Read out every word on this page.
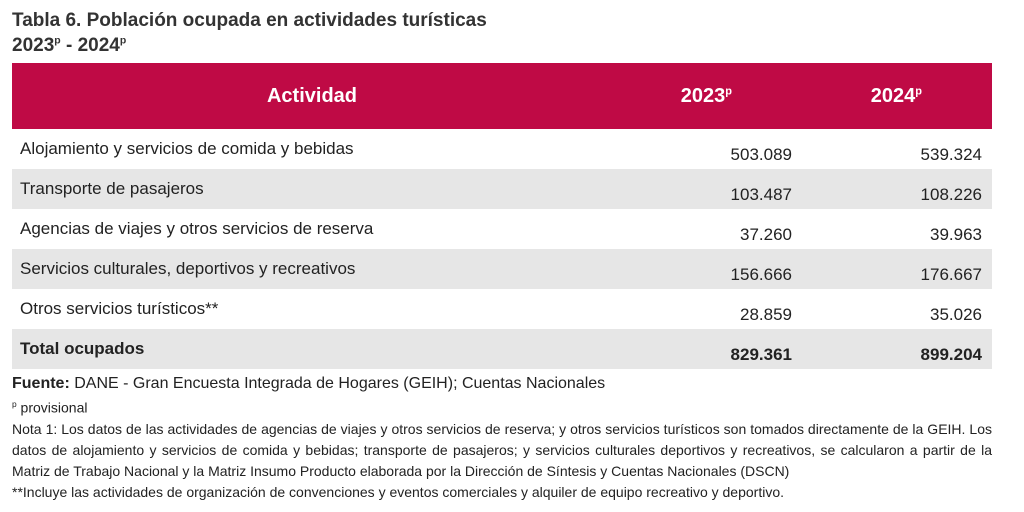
Tabla 6. Población ocupada en actividades turísticas
2023$^p$ - 2024$^p$
Actividad	2023$^p$	2024$^p$
Alojamiento y servicios de comida y bebidas	503.089	539.324
Transporte de pasajeros	103.487	108.226
Agencias de viajes y otros servicios de reserva	37.260	39.963
Servicios culturales, deportivos y recreativos	156.666	176.667
Otros servicios turísticos**	28.859	35.026
Total ocupados	829.361	899.204
Fuente: DANE - Gran Encuesta Integrada de Hogares (GEIH); Cuentas Nacionales
$^p$ provisional
Nota 1: Los datos de las actividades de agencias de viajes y otros servicios de reserva; y otros servicios turísticos son tomados directamente de la GEIH. Los datos de alojamiento y servicios de comida y bebidas; transporte de pasajeros; y servicios culturales deportivos y recreativos, se calcularon a partir de la Matriz de Trabajo Nacional y la Matriz Insumo Producto elaborada por la Dirección de Síntesis y Cuentas Nacionales (DSCN)
**Incluye las actividades de organización de convenciones y eventos comerciales y alquiler de equipo recreativo y deportivo.
